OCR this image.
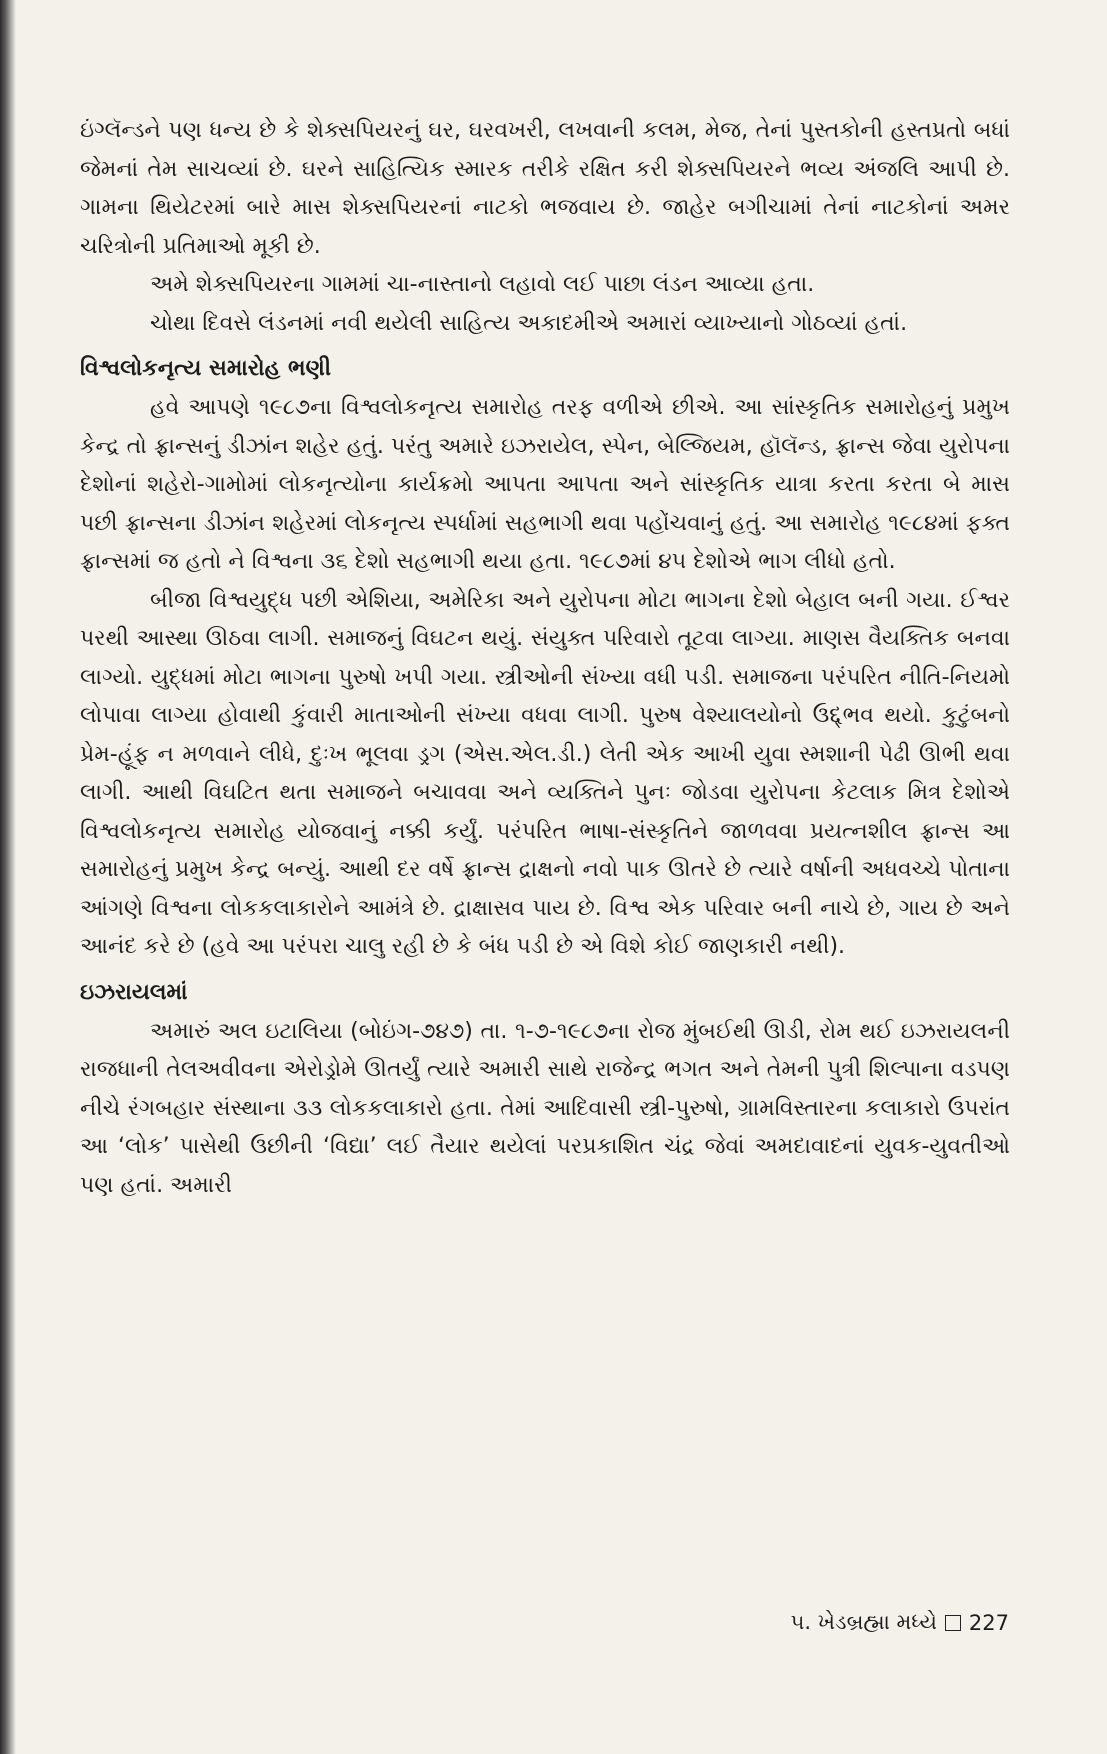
ઇંગ્લૅન્ડને પણ ધન્ય છે કે શેક્સપિયરનું ઘર, ઘરવખરી, લખવાની કલમ, મેજ, તેનાં પુસ્તકોની હસ્તપ્રતો બધાં જેમનાં તેમ સાચવ્યાં છે. ઘરને સાહિત્યિક સ્મારક તરીકે રક્ષિત કરી શેક્સપિયરને ભવ્ય અંજલિ આપી છે. ગામના થિયેટરમાં બારે માસ શેક્સપિયરનાં નાટકો ભજવાય છે. જાહેર બગીચામાં તેનાં નાટકોનાં અમર ચરિત્રોની પ્રતિમાઓ મૂકી છે.

અમે શેક્સપિયરના ગામમાં ચા-નાસ્તાનો લહાવો લઈ પાછા લંડન આવ્યા હતા.

ચોથા દિવસે લંડનમાં નવી થયેલી સાહિત્ય અકાદમીએ અમારાં વ્યાખ્યાનો ગોઠવ્યાં હતાં.

વિશ્વલોકનૃત્ય સમારોહ ભણી

હવે આપણે ૧૯૮૭ના વિશ્વલોકનૃત્ય સમારોહ તરફ વળીએ છીએ. આ સાંસ્કૃતિક સમારોહનું પ્રમુખ કેન્દ્ર તો ફ્રાન્સનું ડીઝાંન શહેર હતું. પરંતુ અમારે ઇઝરાયેલ, સ્પેન, બેલ્જિયમ, હૉલૅન્ડ, ફ્રાન્સ જેવા યુરોપના દેશોનાં શહેરો-ગામોમાં લોકનૃત્યોના કાર્યક્રમો આપતા આપતા અને સાંસ્કૃતિક યાત્રા કરતા કરતા બે માસ પછી ફ્રાન્સના ડીઝાંન શહેરમાં લોકનૃત્ય સ્પર્ધામાં સહભાગી થવા પહોંચવાનું હતું. આ સમારોહ ૧૯૮૪માં ફક્ત ફ્રાન્સમાં જ હતો ને વિશ્વના ૩૬ દેશો સહભાગી થયા હતા. ૧૯૮૭માં ૪૫ દેશોએ ભાગ લીધો હતો.

બીજા વિશ્વયુદ્ધ પછી એશિયા, અમેરિકા અને યુરોપના મોટા ભાગના દેશો બેહાલ બની ગયા. ઈશ્વર પરથી આસ્થા ઊઠવા લાગી. સમાજનું વિઘટન થયું. સંયુક્ત પરિવારો તૂટવા લાગ્યા. માણસ વૈયક્તિક બનવા લાગ્યો. યુદ્ધમાં મોટા ભાગના પુરુષો ખપી ગયા. સ્ત્રીઓની સંખ્યા વધી પડી. સમાજના પરંપરિત નીતિ-નિયમો લોપાવા લાગ્યા હોવાથી કુંવારી માતાઓની સંખ્યા વધવા લાગી. પુરુષ વેશ્યાલયોનો ઉદ્દ્ભવ થયો. કુટુંબનો પ્રેમ-હૂંફ ન મળવાને લીધે, દુઃખ ભૂલવા ડ્રગ (એસ.એલ.ડી.) લેતી એક આખી યુવા સ્મશાની પેઢી ઊભી થવા લાગી. આથી વિઘટિત થતા સમાજને બચાવવા અને વ્યક્તિને પુનઃ જોડવા યુરોપના કેટલાક મિત્ર દેશોએ વિશ્વલોકનૃત્ય સમારોહ યોજવાનું નક્કી કર્યું. પરંપરિત ભાષા-સંસ્કૃતિને જાળવવા પ્રયત્નશીલ ફ્રાન્સ આ સમારોહનું પ્રમુખ કેન્દ્ર બન્યું. આથી દર વર્ષે ફ્રાન્સ દ્રાક્ષનો નવો પાક ઊતરે છે ત્યારે વર્ષાની અધવચ્ચે પોતાના આંગણે વિશ્વના લોકકલાકારોને આમંત્રે છે. દ્રાક્ષાસવ પાય છે. વિશ્વ એક પરિવાર બની નાચે છે, ગાય છે અને આનંદ કરે છે (હવે આ પરંપરા ચાલુ રહી છે કે બંધ પડી છે એ વિશે કોઈ જાણકારી નથી).

ઇઝરાયલમાં

અમારું અલ ઇટાલિયા (બોઇંગ-૭૪૭) તા. ૧-૭-૧૯૮૭ના રોજ મુંબઈથી ઊડી, રોમ થઈ ઇઝરાયલની રાજધાની તેલઅવીવના એરોડ્રોમે ઊતર્યું ત્યારે અમારી સાથે રાજેન્દ્ર ભગત અને તેમની પુત્રી શિલ્પાના વડપણ નીચે રંગબહાર સંસ્થાના ૩૩ લોકકલાકારો હતા. તેમાં આદિવાસી સ્ત્રી-પુરુષો, ગ્રામવિસ્તારના કલાકારો ઉપરાંત આ ‘લોક’ પાસેથી ઉછીની ‘વિદ્યા’ લઈ તૈયાર થયેલાં પરપ્રકાશિત ચંદ્ર જેવાં અમદાવાદનાં યુવક-યુવતીઓ પણ હતાં. અમારી

૫. ખેડબ્રહ્મા મધ્યે 227
